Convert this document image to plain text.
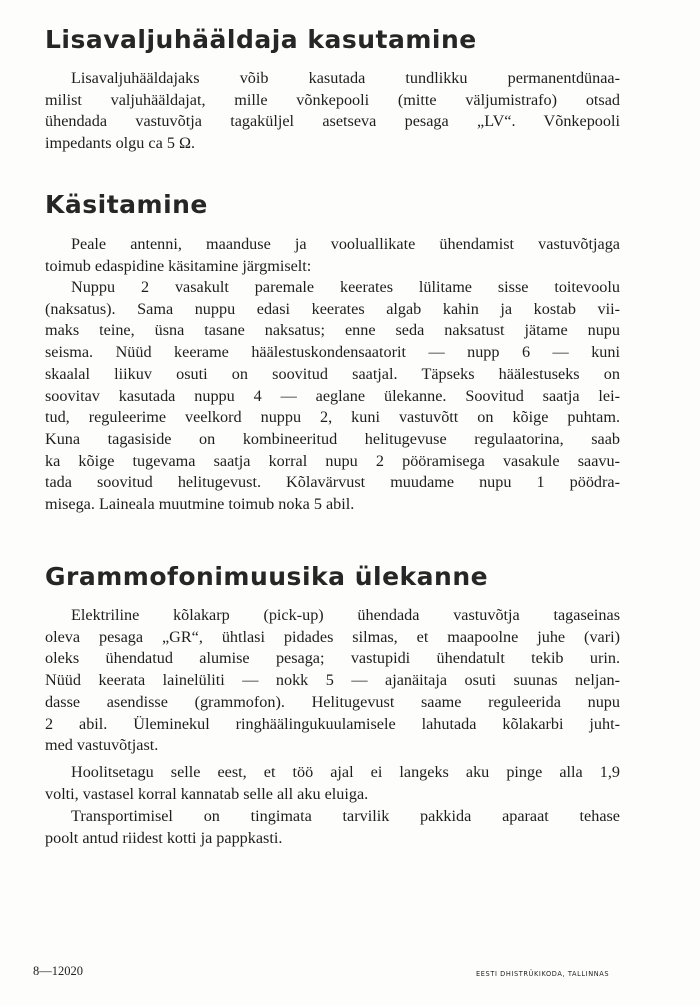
Lisavaljuhääldaja kasutamine
Lisavaljuhääldajaks võib kasutada tundlikku permanentdünaa-
milist valjuhääldajat, mille võnkepooli (mitte väljumistrafo) otsad
ühendada vastuvõtja tagaküljel asetseva pesaga „LV“. Võnkepooli
impedants olgu ca 5 Ω.
Käsitamine
Peale antenni, maanduse ja vooluallikate ühendamist vastuvõtjaga
toimub edaspidine käsitamine järgmiselt:
Nuppu 2 vasakult paremale keerates lülitame sisse toitevoolu
(naksatus). Sama nuppu edasi keerates algab kahin ja kostab vii-
maks teine, üsna tasane naksatus; enne seda naksatust jätame nupu
seisma. Nüüd keerame häälestuskondensaatorit — nupp 6 — kuni
skaalal liikuv osuti on soovitud saatjal. Täpseks häälestuseks on
soovitav kasutada nuppu 4 — aeglane ülekanne. Soovitud saatja lei-
tud, reguleerime veelkord nuppu 2, kuni vastuvõtt on kõige puhtam.
Kuna tagasiside on kombineeritud helitugevuse regulaatorina, saab
ka kõige tugevama saatja korral nupu 2 pööramisega vasakule saavu-
tada soovitud helitugevust. Kõlavärvust muudame nupu 1 pöödra-
misega. Laineala muutmine toimub noka 5 abil.
Grammofonimuusika ülekanne
Elektriline kõlakarp (pick-up) ühendada vastuvõtja tagaseinas
oleva pesaga „GR“, ühtlasi pidades silmas, et maapoolne juhe (vari)
oleks ühendatud alumise pesaga; vastupidi ühendatult tekib urin.
Nüüd keerata lainelüliti — nokk 5 — ajanäitaja osuti suunas neljan-
dasse asendisse (grammofon). Helitugevust saame reguleerida nupu
2 abil. Üleminekul ringhäälingukuulamisele lahutada kõlakarbi juht-
med vastuvõtjast.
Hoolitsetagu selle eest, et töö ajal ei langeks aku pinge alla 1,9
volti, vastasel korral kannatab selle all aku eluiga.
Transportimisel on tingimata tarvilik pakkida aparaat tehase
poolt antud riidest kotti ja pappkasti.
8—12020	EESTI DHISTRÜKIKODA, TALLINNAS
